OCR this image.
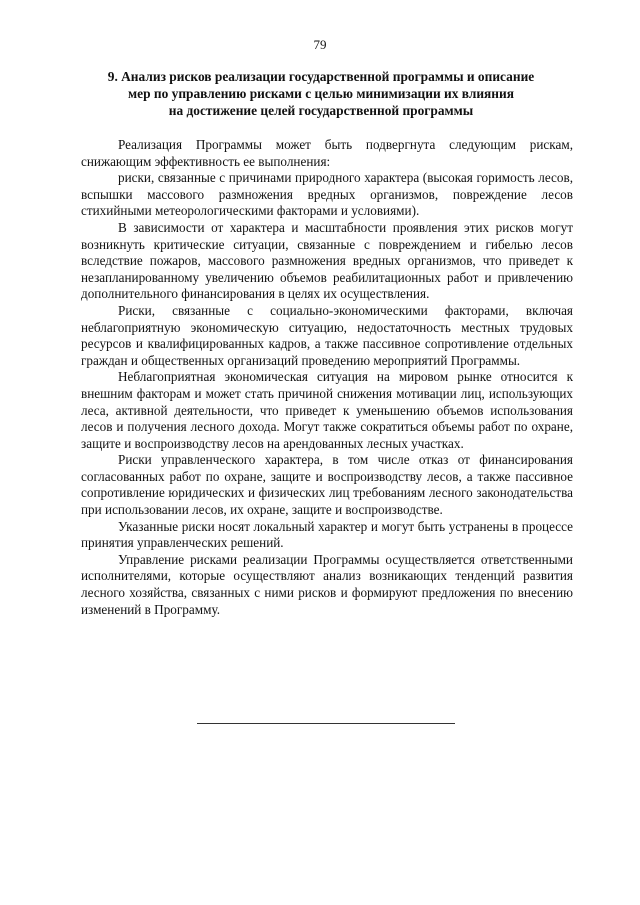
79
9. Анализ рисков реализации государственной программы и описание
мер по управлению рисками с целью минимизации их влияния
на достижение целей государственной программы

Реализация Программы может быть подвергнута следующим рискам, снижающим эффективность ее выполнения:

риски, связанные с причинами природного характера (высокая горимость лесов, вспышки массового размножения вредных организмов, повреждение лесов стихийными метеорологическими факторами и условиями).

В зависимости от характера и масштабности проявления этих рисков могут возникнуть критические ситуации, связанные с повреждением и гибелью лесов вследствие пожаров, массового размножения вредных организмов, что приведет к незапланированному увеличению объемов реабилитационных работ и привлечению дополнительного финансирования в целях их осуществления.

Риски, связанные с социально-экономическими факторами, включая неблагоприятную экономическую ситуацию, недостаточность местных трудовых ресурсов и квалифицированных кадров, а также пассивное сопротивление отдельных граждан и общественных организаций проведению мероприятий Программы.

Неблагоприятная экономическая ситуация на мировом рынке относится к внешним факторам и может стать причиной снижения мотивации лиц, использующих леса, активной деятельности, что приведет к уменьшению объемов использования лесов и получения лесного дохода. Могут также сократиться объемы работ по охране, защите и воспроизводству лесов на арендованных лесных участках.

Риски управленческого характера, в том числе отказ от финансирования согласованных работ по охране, защите и воспроизводству лесов, а также пассивное сопротивление юридических и физических лиц требованиям лесного законодательства при использовании лесов, их охране, защите и воспроизводстве.

Указанные риски носят локальный характер и могут быть устранены в процессе принятия управленческих решений.

Управление рисками реализации Программы осуществляется ответственными исполнителями, которые осуществляют анализ возникающих тенденций развития лесного хозяйства, связанных с ними рисков и формируют предложения по внесению изменений в Программу.
